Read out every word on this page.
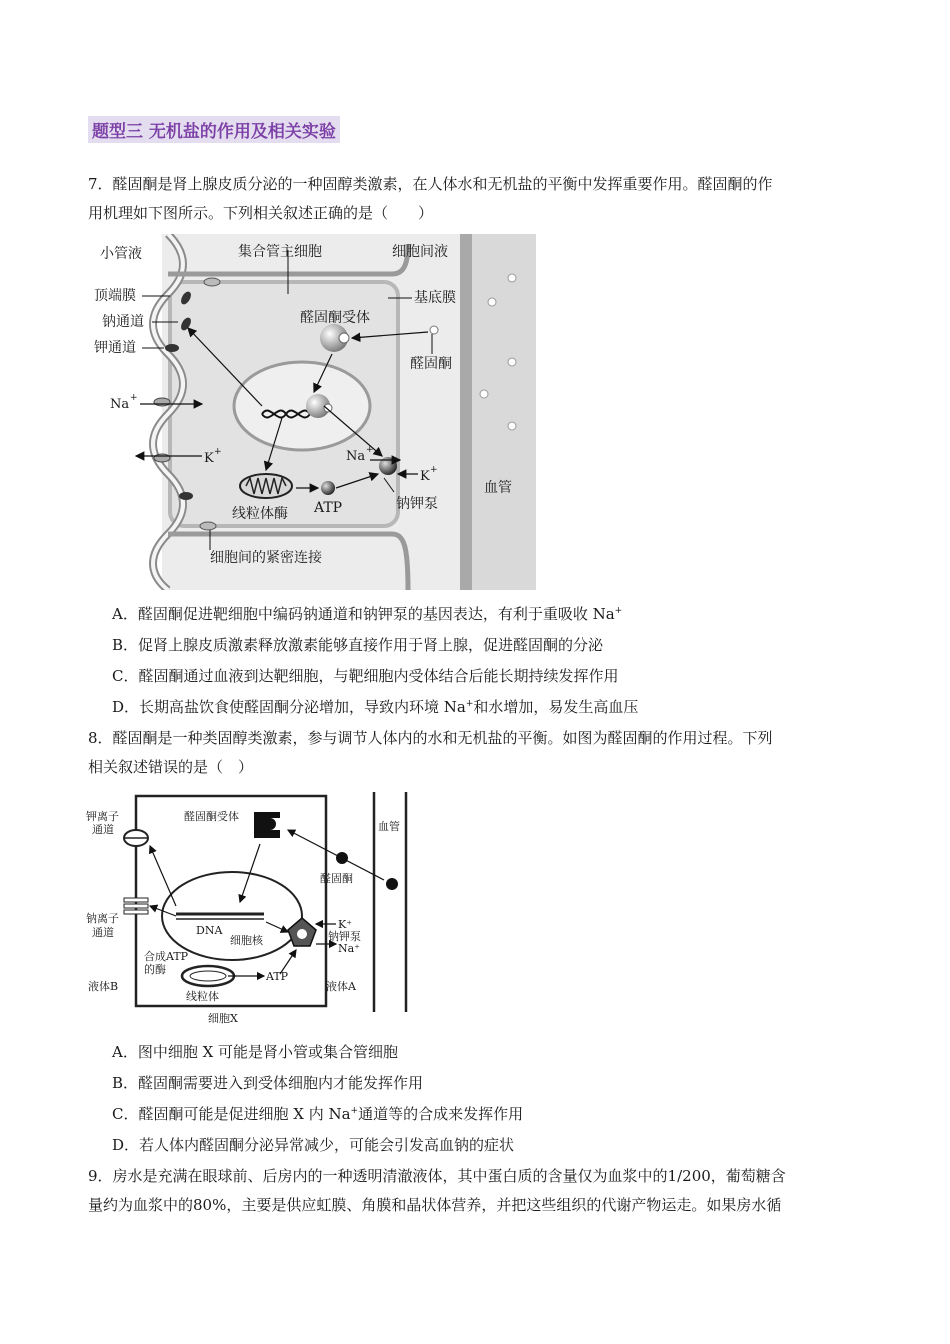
题型三 无机盐的作用及相关实验
7．醛固酮是肾上腺皮质分泌的一种固醇类激素，在人体水和无机盐的平衡中发挥重要作用。醛固酮的作
用机理如下图所示。下列相关叙述正确的是（　　）
小管液	集合管主细胞	细胞间液
顶端膜	基底膜
钠通道	醛固酮受体
钾通道
醛固酮
Na +
K +	Na +
K +
血管
线粒体酶 ATP	钠钾泵
细胞间的紧密连接
A．醛固酮促进靶细胞中编码钠通道和钠钾泵的基因表达，有利于重吸收 Na+
B．促肾上腺皮质激素释放激素能够直接作用于肾上腺，促进醛固酮的分泌
C．醛固酮通过血液到达靶细胞，与靶细胞内受体结合后能长期持续发挥作用
D．长期高盐饮食使醛固酮分泌增加，导致内环境 Na+和水增加，易发生高血压
8．醛固酮是一种类固醇类激素，参与调节人体内的水和无机盐的平衡。如图为醛固酮的作用过程。下列
相关叙述错误的是（　）
钾离子
通道
醛固酮受体
血管
醛固酮
钠离子
通道	DNA
细胞核
K⁺
钠钾泵
Na⁺
合成ATP
的酶
液体B
线粒体
ATP
液体A
细胞X
A．图中细胞 X 可能是肾小管或集合管细胞
B．醛固酮需要进入到受体细胞内才能发挥作用
C．醛固酮可能是促进细胞 X 内 Na+通道等的合成来发挥作用
D．若人体内醛固酮分泌异常减少，可能会引发高血钠的症状
9．房水是充满在眼球前、后房内的一种透明清澈液体，其中蛋白质的含量仅为血浆中的1/200，葡萄糖含
量约为血浆中的80%，主要是供应虹膜、角膜和晶状体营养，并把这些组织的代谢产物运走。如果房水循
